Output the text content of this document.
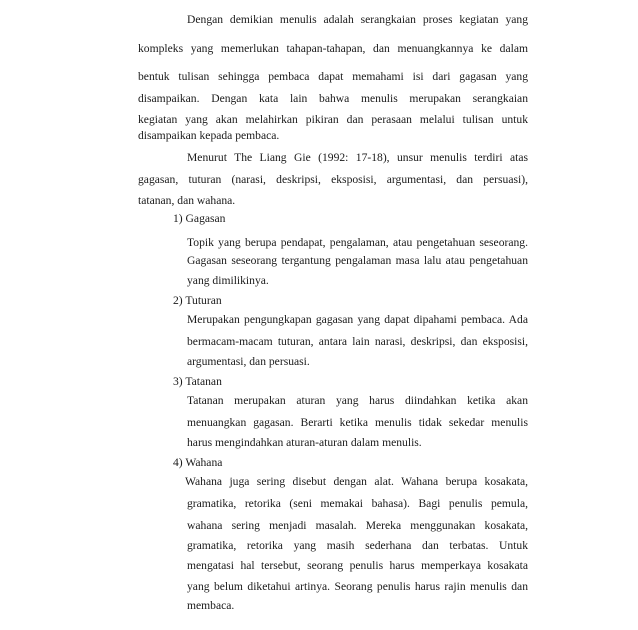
Dengan demikian menulis adalah serangkaian proses kegiatan yang
kompleks yang memerlukan tahapan-tahapan, dan menuangkannya ke dalam
bentuk tulisan sehingga pembaca dapat memahami isi dari gagasan yang
disampaikan. Dengan kata lain bahwa menulis merupakan serangkaian
kegiatan yang akan melahirkan pikiran dan perasaan melalui tulisan untuk
disampaikan kepada pembaca.
Menurut The Liang Gie (1992: 17-18), unsur menulis terdiri atas
gagasan, tuturan (narasi, deskripsi, eksposisi, argumentasi, dan persuasi),
tatanan, dan wahana.
1) Gagasan
Topik yang berupa pendapat, pengalaman, atau pengetahuan seseorang.
Gagasan seseorang tergantung pengalaman masa lalu atau pengetahuan
yang dimilikinya.
2) Tuturan
Merupakan pengungkapan gagasan yang dapat dipahami pembaca. Ada
bermacam-macam tuturan, antara lain narasi, deskripsi, dan eksposisi,
argumentasi, dan persuasi.
3) Tatanan
Tatanan merupakan aturan yang harus diindahkan ketika akan
menuangkan gagasan. Berarti ketika menulis tidak sekedar menulis
harus mengindahkan aturan-aturan dalam menulis.
4) Wahana
Wahana juga sering disebut dengan alat. Wahana berupa kosakata,
gramatika, retorika (seni memakai bahasa). Bagi penulis pemula,
wahana sering menjadi masalah. Mereka menggunakan kosakata,
gramatika, retorika yang masih sederhana dan terbatas. Untuk
mengatasi hal tersebut, seorang penulis harus memperkaya kosakata
yang belum diketahui artinya. Seorang penulis harus rajin menulis dan
membaca.
